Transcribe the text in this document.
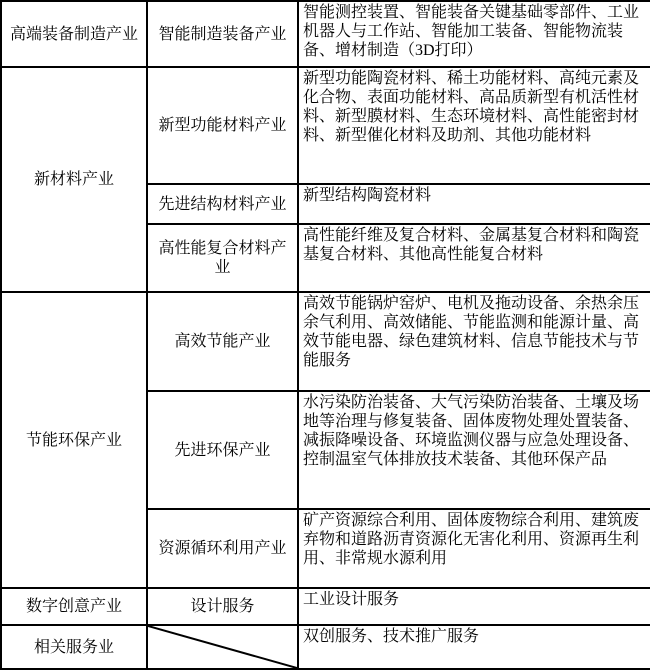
高端装备制造产业	智能制造装备产业	智能测控装置、智能装备关键基础零部件、工业机器人与工作站、智能加工装备、智能物流装备、增材制造（3D打印）
新材料产业	新型功能材料产业	新型功能陶瓷材料、稀土功能材料、高纯元素及化合物、表面功能材料、高品质新型有机活性材料、新型膜材料、生态环境材料、高性能密封材料、新型催化材料及助剂、其他功能材料
	先进结构材料产业	新型结构陶瓷材料
	高性能复合材料产业	高性能纤维及复合材料、金属基复合材料和陶瓷基复合材料、其他高性能复合材料
节能环保产业	高效节能产业	高效节能锅炉窑炉、电机及拖动设备、余热余压余气利用、高效储能、节能监测和能源计量、高效节能电器、绿色建筑材料、信息节能技术与节能服务
	先进环保产业	水污染防治装备、大气污染防治装备、土壤及场地等治理与修复装备、固体废物处理处置装备、减振降噪设备、环境监测仪器与应急处理设备、控制温室气体排放技术装备、其他环保产品
	资源循环利用产业	矿产资源综合利用、固体废物综合利用、建筑废弃物和道路沥青资源化无害化利用、资源再生利用、非常规水源利用
数字创意产业	设计服务	工业设计服务
相关服务业		双创服务、技术推广服务
